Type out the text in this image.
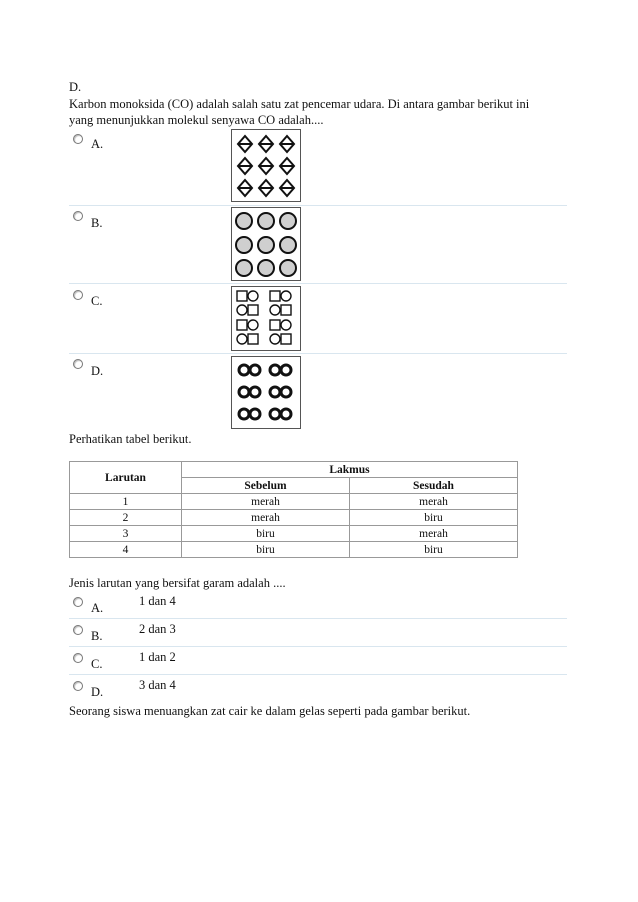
D.
Karbon monoksida (CO) adalah salah satu zat pencemar udara. Di antara gambar berikut ini
yang menunjukkan molekul senyawa CO adalah....
A.
B.
C.
D.
Perhatikan tabel berikut.
Larutan	Lakmus	
	Sebelum	Sesudah
1	merah	merah
2	merah	biru
3	biru	merah
4	biru	biru
Jenis larutan yang bersifat garam adalah ....
A.	1 dan 4
B.	2 dan 3
C.	1 dan 2
D.	3 dan 4
Seorang siswa menuangkan zat cair ke dalam gelas seperti pada gambar berikut.
